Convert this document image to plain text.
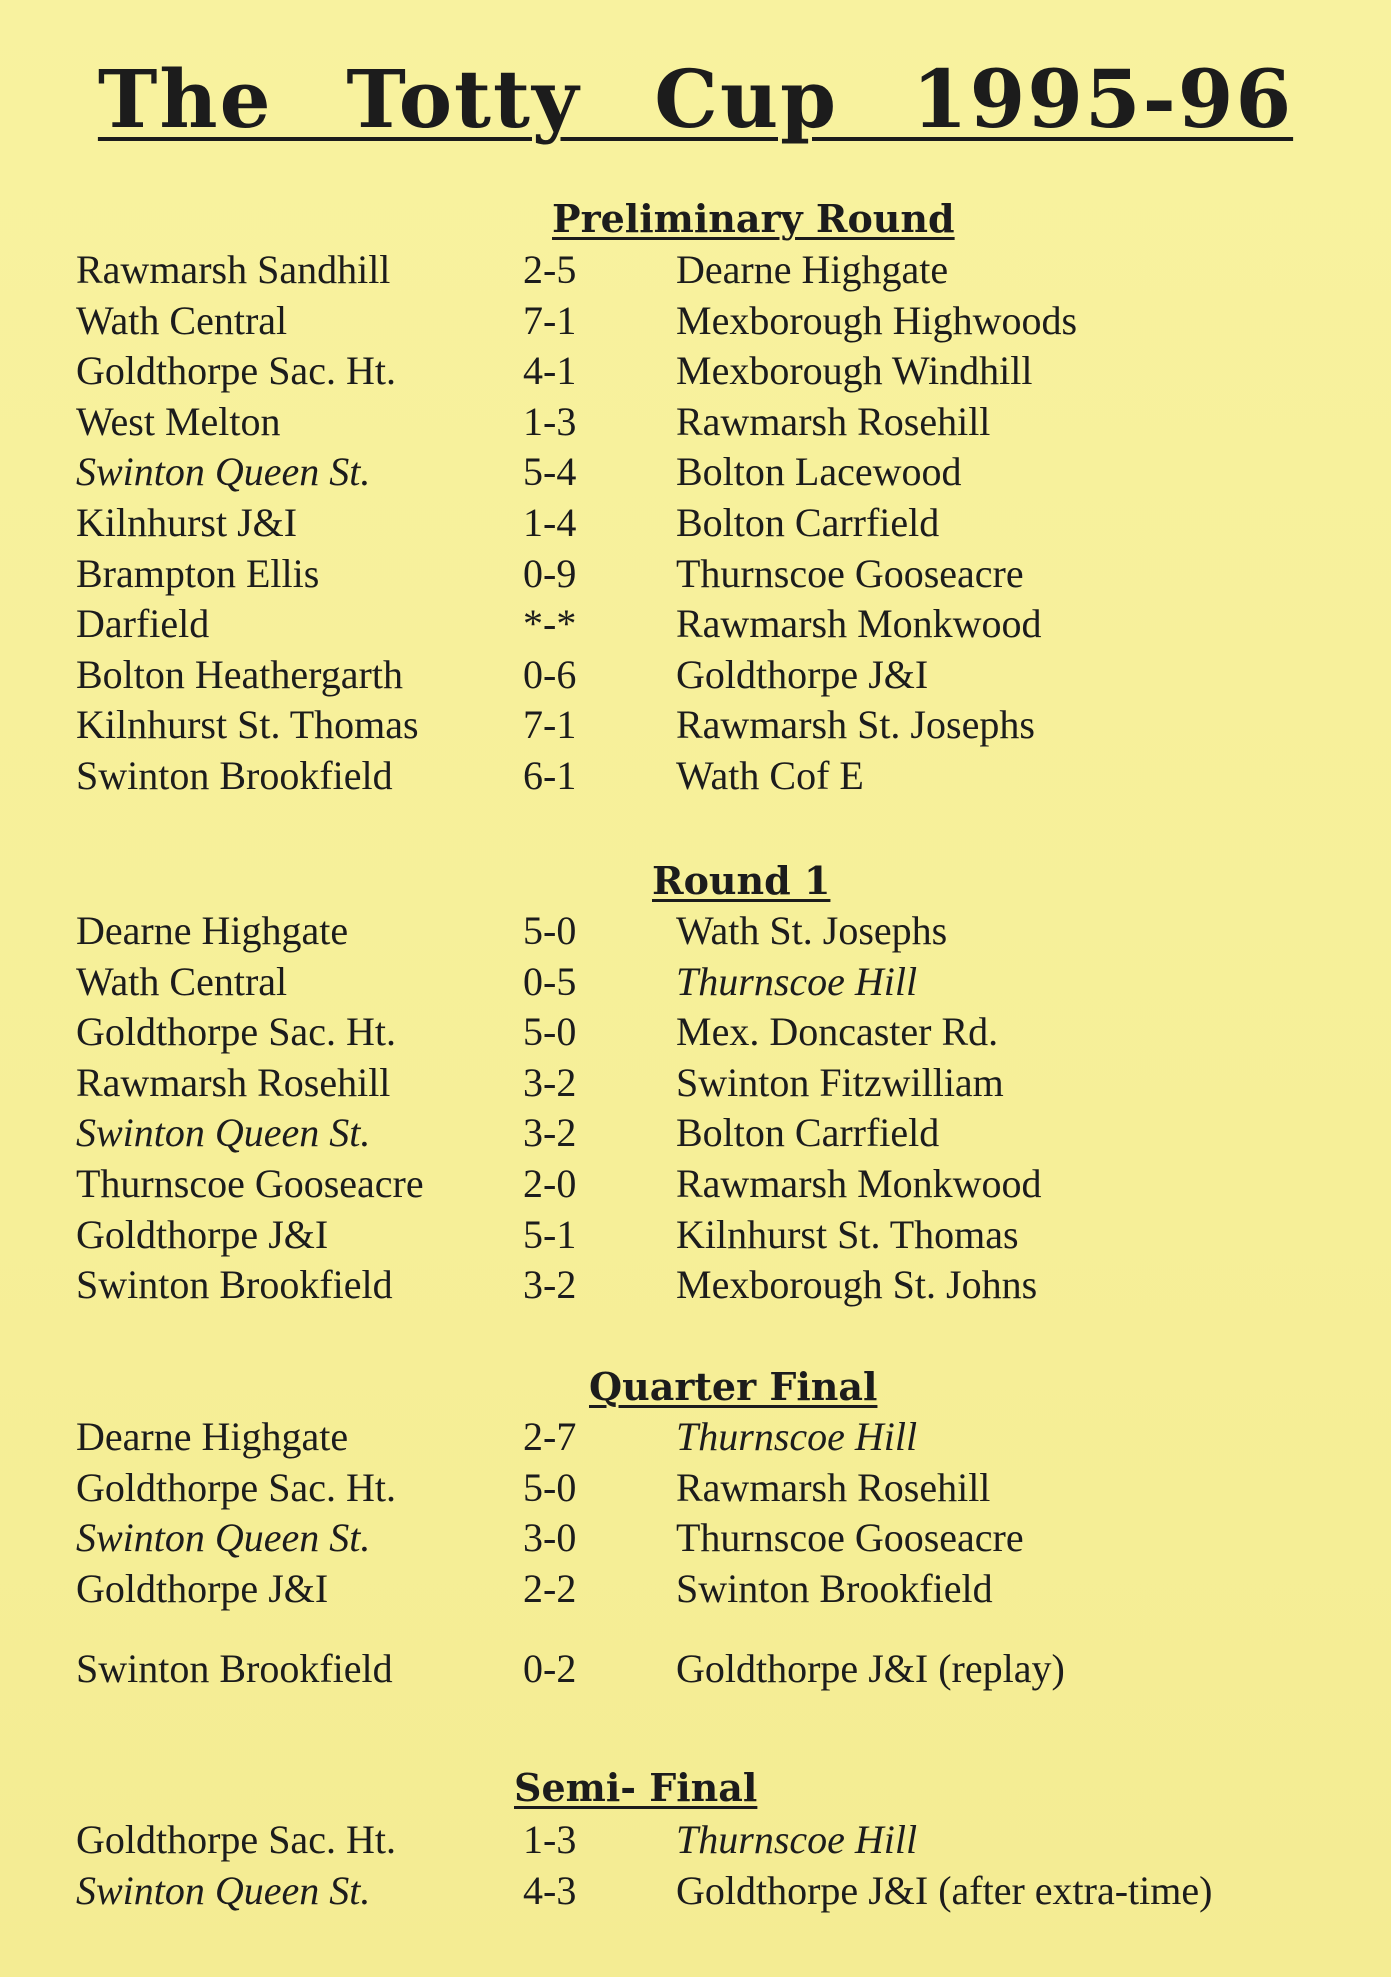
The Totty Cup 1995-96
Preliminary Round
Rawmarsh Sandhill	2-5 Dearne Highgate
Wath Central	7-1 Mexborough Highwoods
Goldthorpe Sac. Ht.	4-1 Mexborough Windhill
West Melton	1-3 Rawmarsh Rosehill
Swinton Queen St.	5-4 Bolton Lacewood
Kilnhurst J&I	1-4 Bolton Carrfield
Brampton Ellis	0-9 Thurnscoe Gooseacre
Darfield	*-* Rawmarsh Monkwood
Bolton Heathergarth	0-6 Goldthorpe J&I
Kilnhurst St. Thomas	7-1 Rawmarsh St. Josephs
Swinton Brookfield	6-1 Wath Cof E
Round 1
Dearne Highgate	5-0 Wath St. Josephs
Wath Central	0-5 Thurnscoe Hill
Goldthorpe Sac. Ht.	5-0 Mex. Doncaster Rd.
Rawmarsh Rosehill	3-2 Swinton Fitzwilliam
Swinton Queen St.	3-2 Bolton Carrfield
Thurnscoe Gooseacre 2-0 Rawmarsh Monkwood
Goldthorpe J&I	5-1 Kilnhurst St. Thomas
Swinton Brookfield	3-2 Mexborough St. Johns
Quarter Final
Dearne Highgate	2-7 Thurnscoe Hill
Goldthorpe Sac. Ht.	5-0 Rawmarsh Rosehill
Swinton Queen St.	3-0 Thurnscoe Gooseacre
Goldthorpe J&I	2-2 Swinton Brookfield
Swinton Brookfield	0-2 Goldthorpe J&I (replay)
Semi- Final
Goldthorpe Sac. Ht.	1-3 Thurnscoe Hill
Swinton Queen St.	4-3 Goldthorpe J&I (after extra-time)
